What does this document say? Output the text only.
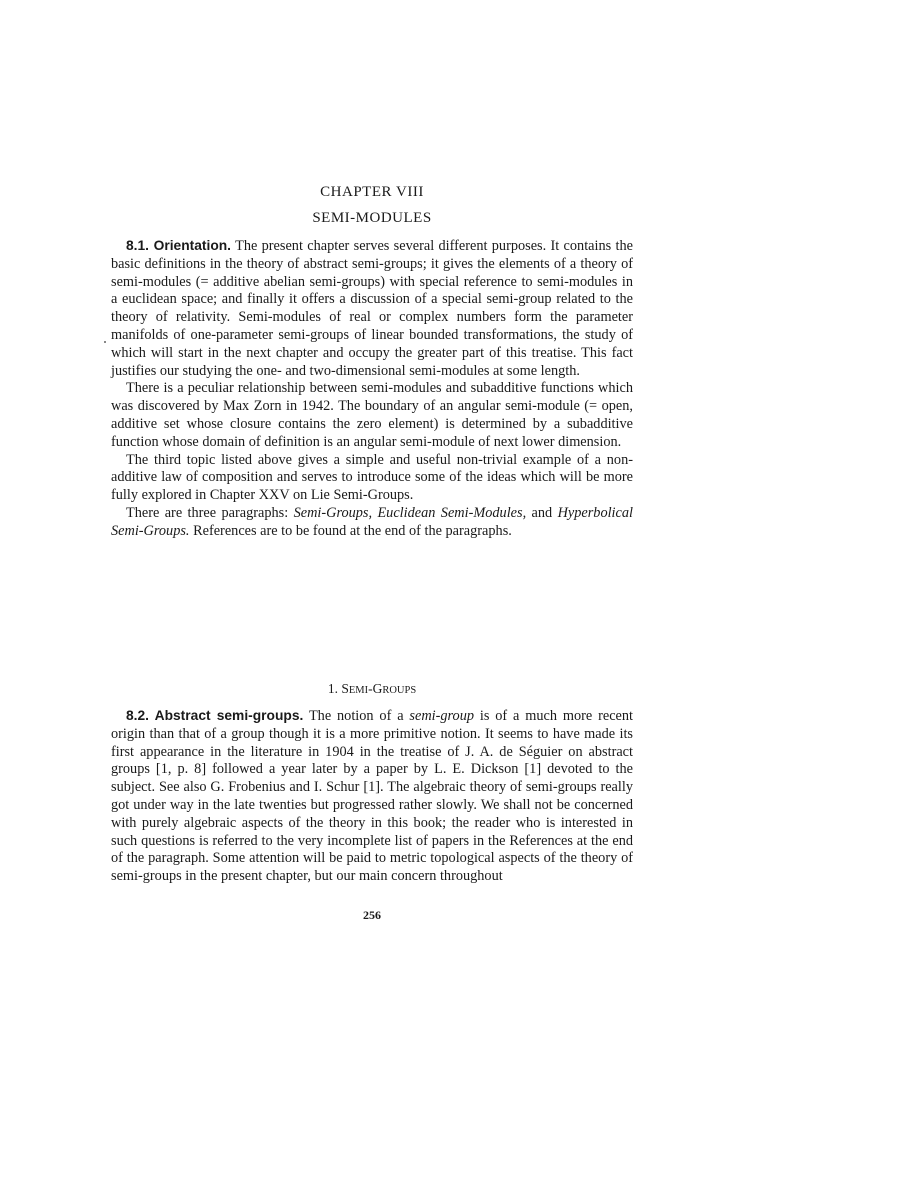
CHAPTER VIII
SEMI-MODULES

8.1. Orientation. The present chapter serves several different purposes. It contains the basic definitions in the theory of abstract semi-groups; it gives the elements of a theory of semi-modules (= additive abelian semi-groups) with special reference to semi-modules in a euclidean space; and finally it offers a discussion of a special semi-group related to the theory of relativity. Semi-modules of real or complex numbers form the parameter manifolds of one-parameter semi-groups of linear bounded transformations, the study of which will start in the next chapter and occupy the greater part of this treatise. This fact justifies our studying the one- and two-dimensional semi-modules at some length.

There is a peculiar relationship between semi-modules and subadditive functions which was discovered by Max Zorn in 1942. The boundary of an angular semi-module (= open, additive set whose closure contains the zero element) is determined by a subadditive function whose domain of definition is an angular semi-module of next lower dimension.

The third topic listed above gives a simple and useful non-trivial example of a non-additive law of composition and serves to introduce some of the ideas which will be more fully explored in Chapter XXV on Lie Semi-Groups.

There are three paragraphs: Semi-Groups, Euclidean Semi-Modules, and Hyperbolical Semi-Groups. References are to be found at the end of the paragraphs.

1. SEMI-GROUPS

8.2. Abstract semi-groups. The notion of a semi-group is of a much more recent origin than that of a group though it is a more primitive notion. It seems to have made its first appearance in the literature in 1904 in the treatise of J. A. de Séguier on abstract groups [1, p. 8] followed a year later by a paper by L. E. Dickson [1] devoted to the subject. See also G. Frobenius and I. Schur [1]. The algebraic theory of semi-groups really got under way in the late twenties but progressed rather slowly. We shall not be concerned with purely algebraic aspects of the theory in this book; the reader who is interested in such questions is referred to the very incomplete list of papers in the References at the end of the paragraph. Some attention will be paid to metric topological aspects of the theory of semi-groups in the present chapter, but our main concern throughout

256
